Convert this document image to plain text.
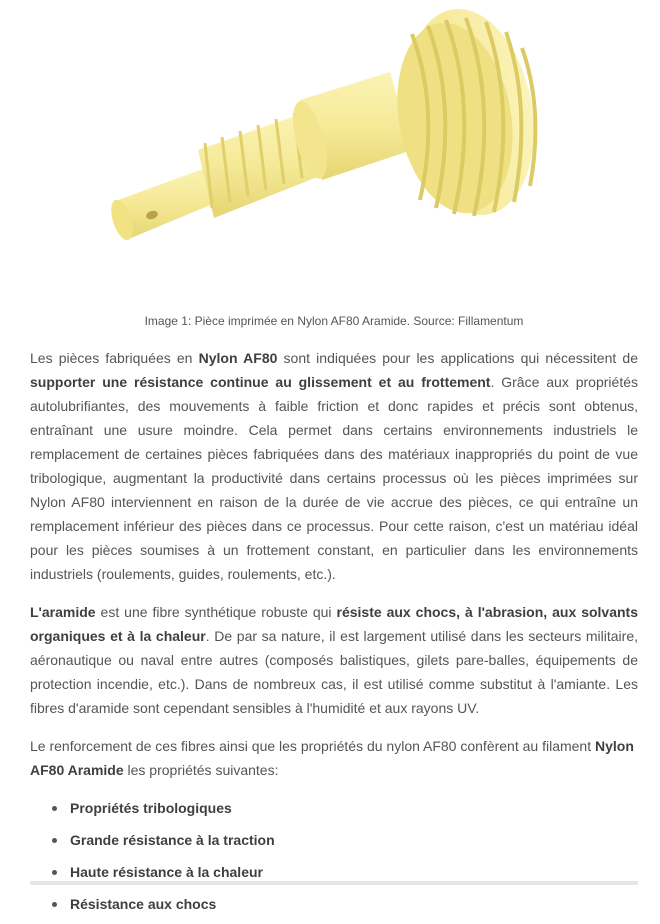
Image 1: Pièce imprimée en Nylon AF80 Aramide. Source: Fillamentum

Les pièces fabriquées en Nylon AF80 sont indiquées pour les applications qui nécessitent de supporter une résistance continue au glissement et au frottement. Grâce aux propriétés autolubrifiantes, des mouvements à faible friction et donc rapides et précis sont obtenus, entraînant une usure moindre. Cela permet dans certains environnements industriels le remplacement de certaines pièces fabriquées dans des matériaux inappropriés du point de vue tribologique, augmentant la productivité dans certains processus où les pièces imprimées sur Nylon AF80 interviennent en raison de la durée de vie accrue des pièces, ce qui entraîne un remplacement inférieur des pièces dans ce processus. Pour cette raison, c'est un matériau idéal pour les pièces soumises à un frottement constant, en particulier dans les environnements industriels (roulements, guides, roulements, etc.).

L'aramide est une fibre synthétique robuste qui résiste aux chocs, à l'abrasion, aux solvants organiques et à la chaleur. De par sa nature, il est largement utilisé dans les secteurs militaire, aéronautique ou naval entre autres (composés balistiques, gilets pare-balles, équipements de protection incendie, etc.). Dans de nombreux cas, il est utilisé comme substitut à l'amiante. Les fibres d'aramide sont cependant sensibles à l'humidité et aux rayons UV.

Le renforcement de ces fibres ainsi que les propriétés du nylon AF80 confèrent au filament Nylon AF80 Aramide les propriétés suivantes:

Propriétés tribologiques
Grande résistance à la traction
Haute résistance à la chaleur
Résistance aux chocs
